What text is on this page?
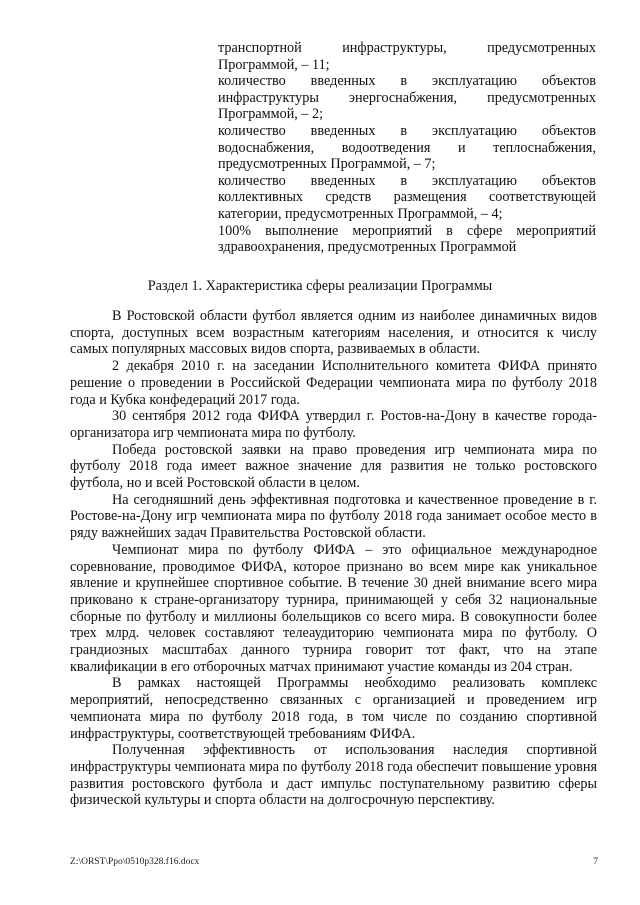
транспортной инфраструктуры, предусмотренных Программой, – 11;

количество введенных в эксплуатацию объектов инфраструктуры энергоснабжения, предусмотренных Программой, – 2;

количество введенных в эксплуатацию объектов водоснабжения, водоотведения и теплоснабжения, предусмотренных Программой, – 7;

количество введенных в эксплуатацию объектов коллективных средств размещения соответствующей категории, предусмотренных Программой, – 4;

100% выполнение мероприятий в сфере мероприятий здравоохранения, предусмотренных Программой

Раздел 1. Характеристика сферы реализации Программы

В Ростовской области футбол является одним из наиболее динамичных видов спорта, доступных всем возрастным категориям населения, и относится к числу самых популярных массовых видов спорта, развиваемых в области.

2 декабря 2010 г. на заседании Исполнительного комитета ФИФА принято решение о проведении в Российской Федерации чемпионата мира по футболу 2018 года и Кубка конфедераций 2017 года.

30 сентября 2012 года ФИФА утвердил г. Ростов-на-Дону в качестве города-организатора игр чемпионата мира по футболу.

Победа ростовской заявки на право проведения игр чемпионата мира по футболу 2018 года имеет важное значение для развития не только ростовского футбола, но и всей Ростовской области в целом.

На сегодняшний день эффективная подготовка и качественное проведение в г. Ростове-на-Дону игр чемпионата мира по футболу 2018 года занимает особое место в ряду важнейших задач Правительства Ростовской области.

Чемпионат мира по футболу ФИФА – это официальное международное соревнование, проводимое ФИФА, которое признано во всем мире как уникальное явление и крупнейшее спортивное событие. В течение 30 дней внимание всего мира приковано к стране-организатору турнира, принимающей у себя 32 национальные сборные по футболу и миллионы болельщиков со всего мира. В совокупности более трех млрд. человек составляют телеаудиторию чемпионата мира по футболу. О грандиозных масштабах данного турнира говорит тот факт, что на этапе квалификации в его отборочных матчах принимают участие команды из 204 стран.

В рамках настоящей Программы необходимо реализовать комплекс мероприятий, непосредственно связанных с организацией и проведением игр чемпионата мира по футболу 2018 года, в том числе по созданию спортивной инфраструктуры, соответствующей требованиям ФИФА.

Полученная эффективность от использования наследия спортивной инфраструктуры чемпионата мира по футболу 2018 года обеспечит повышение уровня развития ростовского футбола и даст импульс поступательному развитию сферы физической культуры и спорта области на долгосрочную перспективу.

Z:\ORST\Ppo\0510p328.f16.docx	7
